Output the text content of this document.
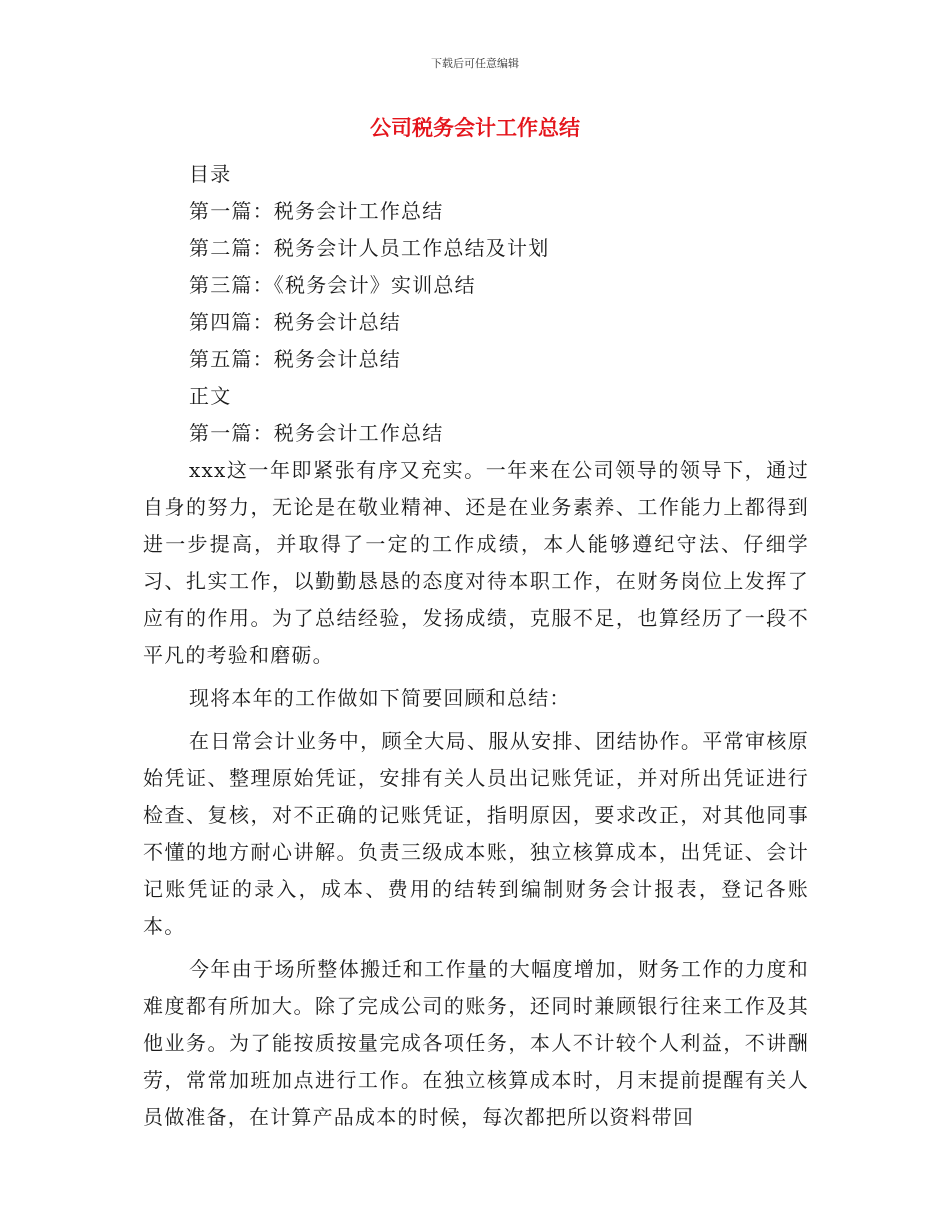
下载后可任意编辑
公司税务会计工作总结

目录

第一篇：税务会计工作总结

第二篇：税务会计人员工作总结及计划

第三篇：《税务会计》实训总结

第四篇：税务会计总结

第五篇：税务会计总结

正文

第一篇：税务会计工作总结

xxx这一年即紧张有序又充实。一年来在公司领导的领导下，通过自身的努力，无论是在敬业精神、还是在业务素养、工作能力上都得到进一步提高，并取得了一定的工作成绩，本人能够遵纪守法、仔细学习、扎实工作，以勤勤恳恳的态度对待本职工作，在财务岗位上发挥了应有的作用。为了总结经验，发扬成绩，克服不足，也算经历了一段不平凡的考验和磨砺。

现将本年的工作做如下简要回顾和总结：

在日常会计业务中，顾全大局、服从安排、团结协作。平常审核原始凭证、整理原始凭证，安排有关人员出记账凭证，并对所出凭证进行检查、复核，对不正确的记账凭证，指明原因，要求改正，对其他同事不懂的地方耐心讲解。负责三级成本账，独立核算成本，出凭证、会计记账凭证的录入，成本、费用的结转到编制财务会计报表，登记各账本。

今年由于场所整体搬迁和工作量的大幅度增加，财务工作的力度和难度都有所加大。除了完成公司的账务，还同时兼顾银行往来工作及其他业务。为了能按质按量完成各项任务，本人不计较个人利益，不讲酬劳，常常加班加点进行工作。在独立核算成本时，月末提前提醒有关人员做准备，在计算产品成本的时候，每次都把所以资料带回
